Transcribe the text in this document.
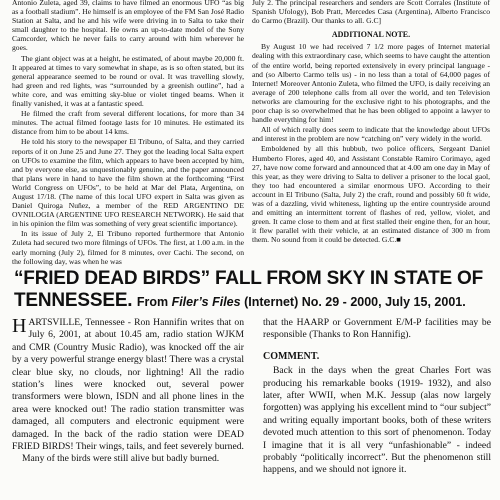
Antonio Zuleta, aged 39, claims to have filmed an enormous UFO “as big as a football stadium”. He himself is an employee of the FM San José Radio Station at Salta, and he and his wife were driving in to Salta to take their small daughter to the hospital. He owns an up-to-date model of the Sony Camcorder, which he never fails to carry around with him wherever he goes.

The giant object was at a height, he estimated, of about maybe 20,000 ft. It appeared at times to vary somewhat in shape, as is so often stated, but its general appearance seemed to be round or oval. It was travelling slowly, had green and red lights, was “surrounded by a greenish outline”, had a white core, and was emitting sky-blue or violet tinged beams. When it finally vanished, it was at a fantastic speed.

He filmed the craft from several different locations, for more than 34 minutes. The actual filmed footage lasts for 10 minutes. He estimated its distance from him to be about 14 kms.

He told his story to the newspaper El Tribuno, of Salta, and they carried reports of it on June 25 and June 27. They got the leading local Salta expert on UFOs to examine the film, which appears to have been accepted by him, and by everyone else, as unquestionably genuine, and the paper announced that plans were in hand to have the film shown at the forthcoming “First World Congress on UFOs”, to be held at Mar del Plata, Argentina, on August 17/18. (The name of this local UFO expert in Salta was given as Daniel Quiroga Nuñez, a member of the RED ARGENTINO DE OVNILOGIA (ARGENTINE UFO RESEARCH NETWORK). He said that in his opinion the film was something of very great scientific importance).

In its issue of July 2, El Tribuno reported furthermore that Antonio Zuleta had secured two more filmings of UFOs. The first, at 1.00 a.m. in the early morning (July 2), filmed for 8 minutes, over Cachi. The second, on the following day, was when he was

July 2. The principal researchers and senders are Scott Corrales (Institute of Spanish Ufology), Bob Pratt, Mercedes Casa (Argentina), Alberto Francisco do Carmo (Brazil). Our thanks to all. G.C]

ADDITIONAL NOTE.

By August 10 we had received 7 1/2 more pages of Internet material dealing with this extraordinary case, which seems to have caught the attention of the entire world, being reported extensively in every principal language - and (so Alberto Carmo tells us) - in no less than a total of 64,000 pages of Internet! Moreover Antonio Zuleta, who filmed the UFO, is daily receiving an average of 200 telephone calls from all over the world, and ten Television networks are clamouring for the exclusive right to his photographs, and the poor chap is so overwhelmed that he has been obliged to appoint a lawyer to handle everything for him!

All of which really does seem to indicate that the knowledge about UFOs and interest in the problem are now “catching on” very widely in the world.

Emboldened by all this hubbub, two police officers, Sergeant Daniel Humberto Flores, aged 40, and Assistant Constable Ramiro Corimayo, aged 27, have now come forward and announced that at 4.00 am one day in May of this year, as they were driving to Salta to deliver a prisoner to the local gaol, they too had encountered a similar enormous UFO. According to their account in El Tribuno (Salta, July 2) the craft, round and possibly 60 ft wide, was of a dazzling, vivid whiteness, lighting up the entire countryside around and emitting an intermittent torrent of flashes of red, yellow, violet, and green. It came close to them and at first stalled their engine then, for an hour, it flew parallel with their vehicle, at an estimated distance of 300 m from them. No sound from it could be detected. G.C.■

“FRIED DEAD BIRDS” FALL FROM SKY IN STATE OF TENNESSEE. From Filer’s Files (Internet) No. 29 - 2000, July 15, 2001.

HARTSVILLE, Tennessee - Ron Hannifin writes that on July 6, 2001, at about 10.45 am, radio station WJKM and CMR (Country Music Radio), was knocked off the air by a very powerful strange energy blast! There was a crystal clear blue sky, no clouds, nor lightning! All the radio station’s lines were knocked out, several power transformers were blown, ISDN and all phone lines in the area were knocked out! The radio station transmitter was damaged, all computers and electronic equipment were damaged. In the back of the radio station were DEAD FRIED BIRDS! Their wings, tails, and feet severely burned.

Many of the birds were still alive but badly burned.

that the HAARP or Government E/M-P facilities may be responsible (Thanks to Ron Hannifig).

COMMENT.

Back in the days when the great Charles Fort was producing his remarkable books (1919- 1932), and also later, after WWII, when M.K. Jessup (alas now largely forgotten) was applying his excellent mind to “our subject” and writing equally important books, both of these writers devoted much attention to this sort of phenomenon. Today I imagine that it is all very “unfashionable” - indeed probably “politically incorrect”. But the phenomenon still happens, and we should not ignore it.
